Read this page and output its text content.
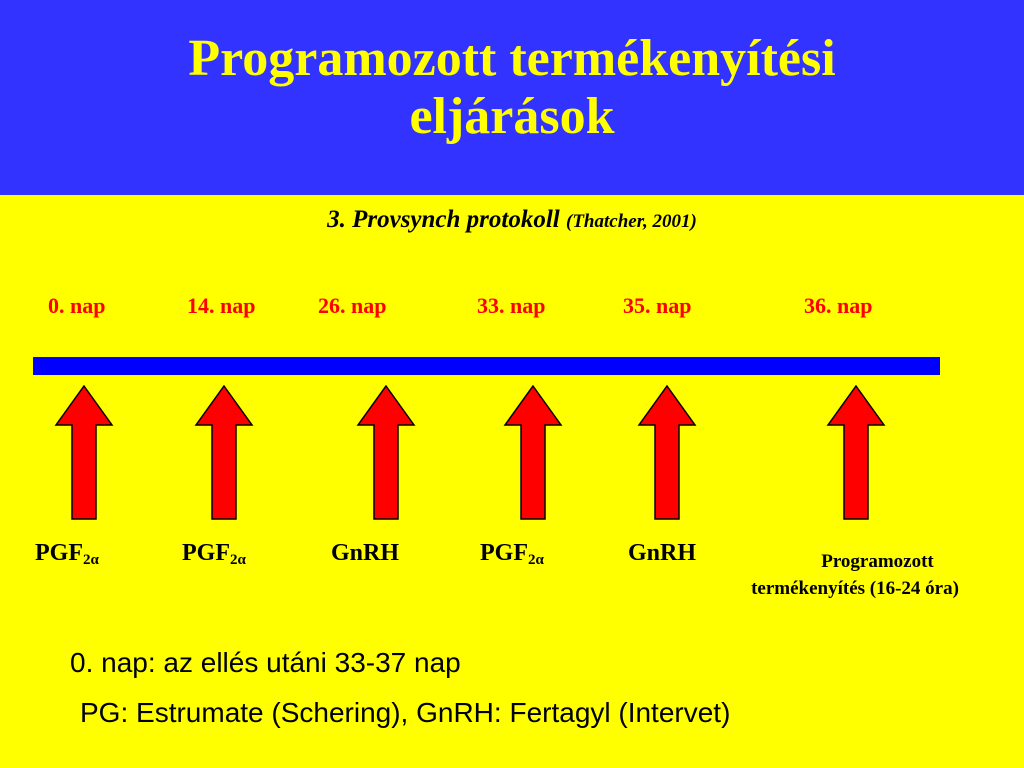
Programozott termékenyítési
eljárások
3. Provsynch protokoll (Thatcher, 2001)
0. nap	14. nap	26. nap	33. nap	35. nap	36. nap
$PGF_{2\alpha}$	$PGF_{2\alpha}$	GnRH	$PGF_{2\alpha}$	GnRH	Programozott
termékenyítés (16-24 óra)
0. nap: az ellés utáni 33-37 nap
PG: Estrumate (Schering), GnRH: Fertagyl (Intervet)
